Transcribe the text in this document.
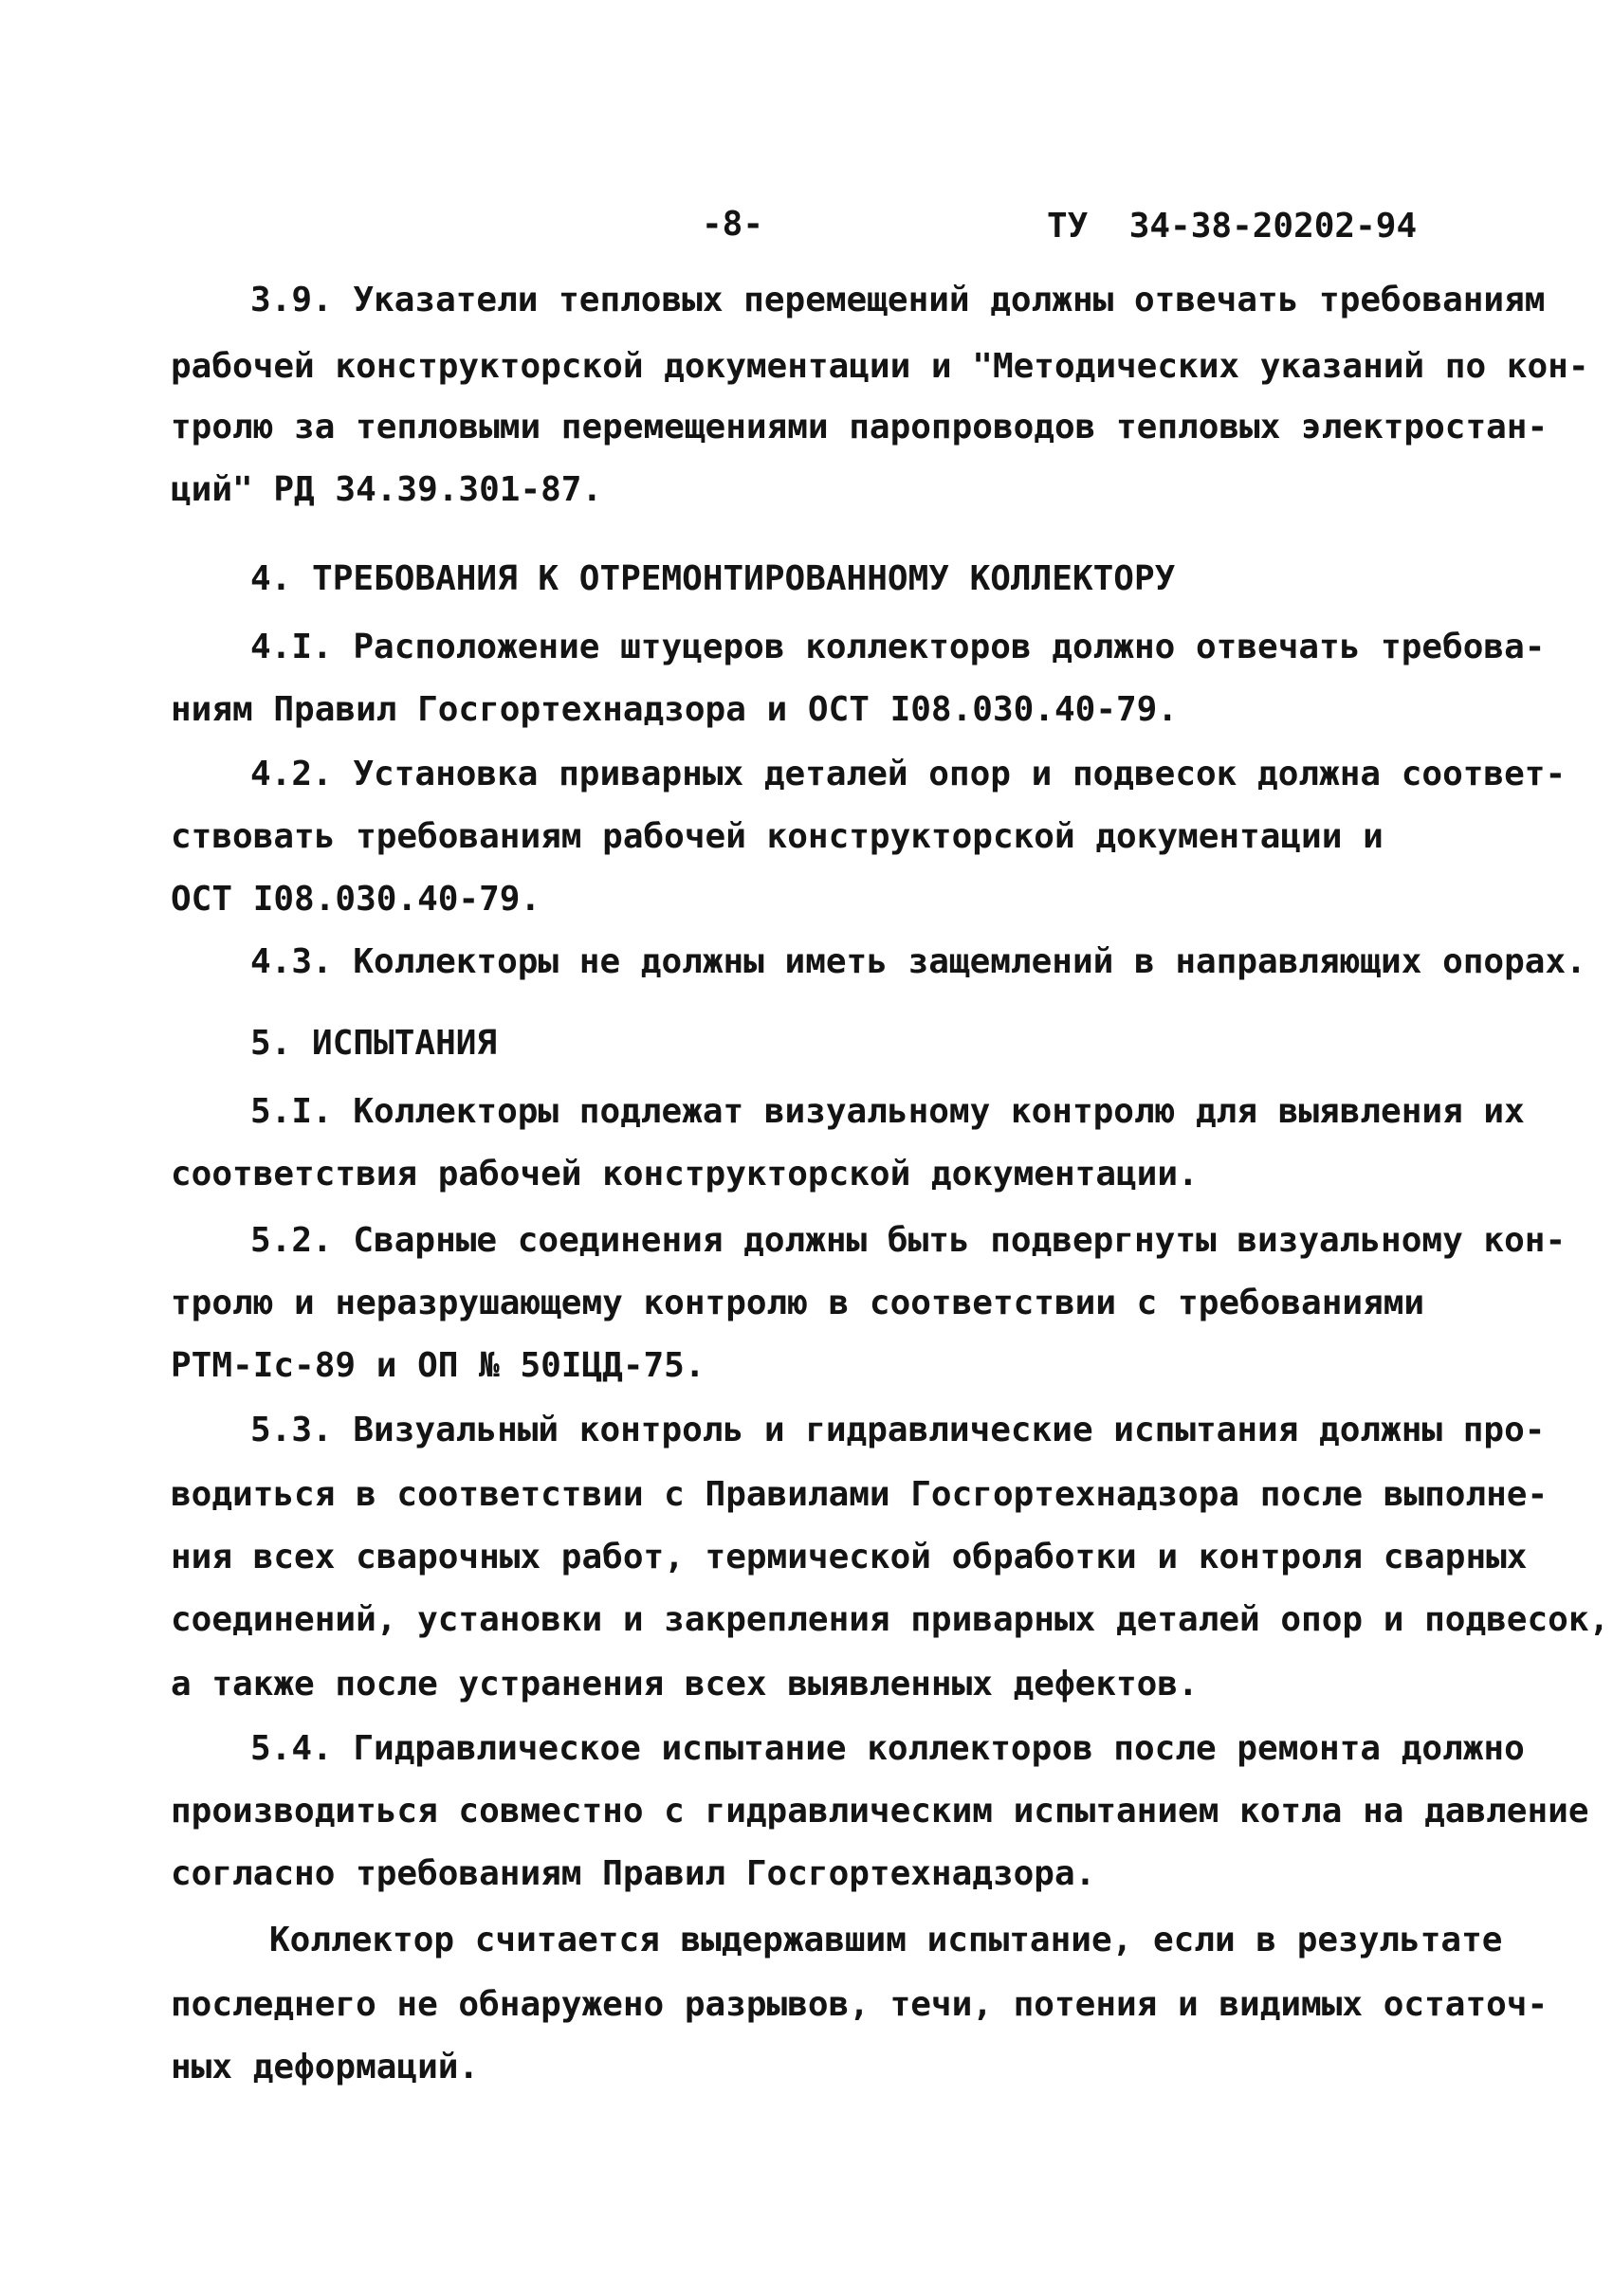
-8-	ТУ  34-38-20202-94
3.9. Указатели тепловых перемещений должны отвечать требованиям
рабочей конструкторской документации и "Методических указаний по кон-
тролю за тепловыми перемещениями паропроводов тепловых электростан-
ций" РД 34.39.301-87.
4. ТРЕБОВАНИЯ К ОТРЕМОНТИРОВАННОМУ КОЛЛЕКТОРУ
4.I. Расположение штуцеров коллекторов должно отвечать требова-
ниям Правил Госгортехнадзора и ОСТ I08.030.40-79.
4.2. Установка приварных деталей опор и подвесок должна соответ-
ствовать требованиям рабочей конструкторской документации и
ОСТ I08.030.40-79.
4.3. Коллекторы не должны иметь защемлений в направляющих опорах.
5. ИСПЫТАНИЯ
5.I. Коллекторы подлежат визуальному контролю для выявления их
соответствия рабочей конструкторской документации.
5.2. Сварные соединения должны быть подвергнуты визуальному кон-
тролю и неразрушающему контролю в соответствии с требованиями
РТМ-Iс-89 и ОП № 50IЦД-75.
5.3. Визуальный контроль и гидравлические испытания должны про-
водиться в соответствии с Правилами Госгортехнадзора после выполне-
ния всех сварочных работ, термической обработки и контроля сварных
соединений, установки и закрепления приварных деталей опор и подвесок,
а также после устранения всех выявленных дефектов.
5.4. Гидравлическое испытание коллекторов после ремонта должно
производиться совместно с гидравлическим испытанием котла на давление
согласно требованиям Правил Госгортехнадзора.
Коллектор считается выдержавшим испытание, если в результате
последнего не обнаружено разрывов, течи, потения и видимых остаточ-
ных деформаций.
